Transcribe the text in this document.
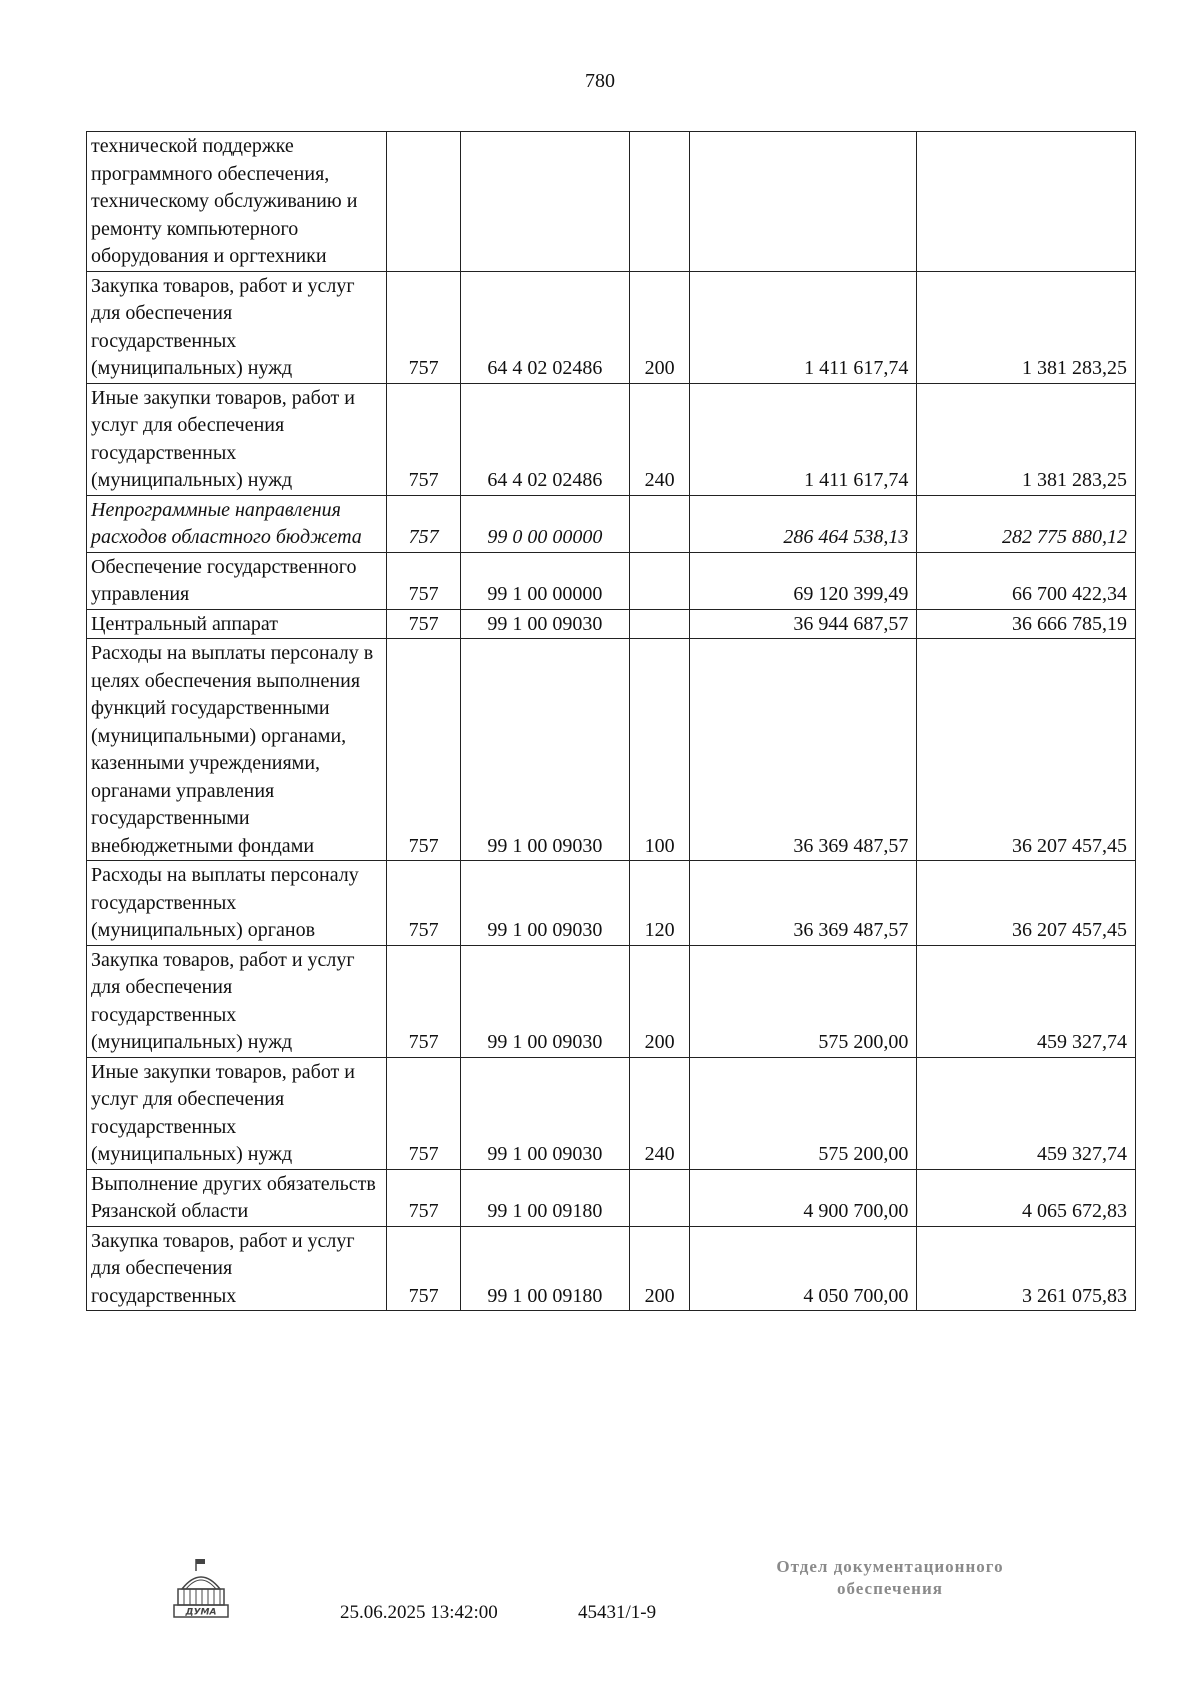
780
технической поддержке программного обеспечения, техническому обслуживанию и ремонту компьютерного оборудования и оргтехники					
Закупка товаров, работ и услуг для обеспечения государственных (муниципальных) нужд	757	64 4 02 02486	200	1 411 617,74	1 381 283,25
Иные закупки товаров, работ и услуг для обеспечения государственных (муниципальных) нужд	757	64 4 02 02486	240	1 411 617,74	1 381 283,25
Непрограммные направления расходов областного бюджета	757	99 0 00 00000		286 464 538,13	282 775 880,12
Обеспечение государственного управления	757	99 1 00 00000		69 120 399,49	66 700 422,34
Центральный аппарат	757	99 1 00 09030		36 944 687,57	36 666 785,19
Расходы на выплаты персоналу в целях обеспечения выполнения функций государственными (муниципальными) органами, казенными учреждениями, органами управления государственными внебюджетными фондами	757	99 1 00 09030	100	36 369 487,57	36 207 457,45
Расходы на выплаты персоналу государственных (муниципальных) органов	757	99 1 00 09030	120	36 369 487,57	36 207 457,45
Закупка товаров, работ и услуг для обеспечения государственных (муниципальных) нужд	757	99 1 00 09030	200	575 200,00	459 327,74
Иные закупки товаров, работ и услуг для обеспечения государственных (муниципальных) нужд	757	99 1 00 09030	240	575 200,00	459 327,74
Выполнение других обязательств Рязанской области	757	99 1 00 09180		4 900 700,00	4 065 672,83
Закупка товаров, работ и услуг для обеспечения государственных	757	99 1 00 09180	200	4 050 700,00	3 261 075,83
ДУМА	25.06.2025 13:42:00	45431/1-9
Отдел документационного
обеспечения
